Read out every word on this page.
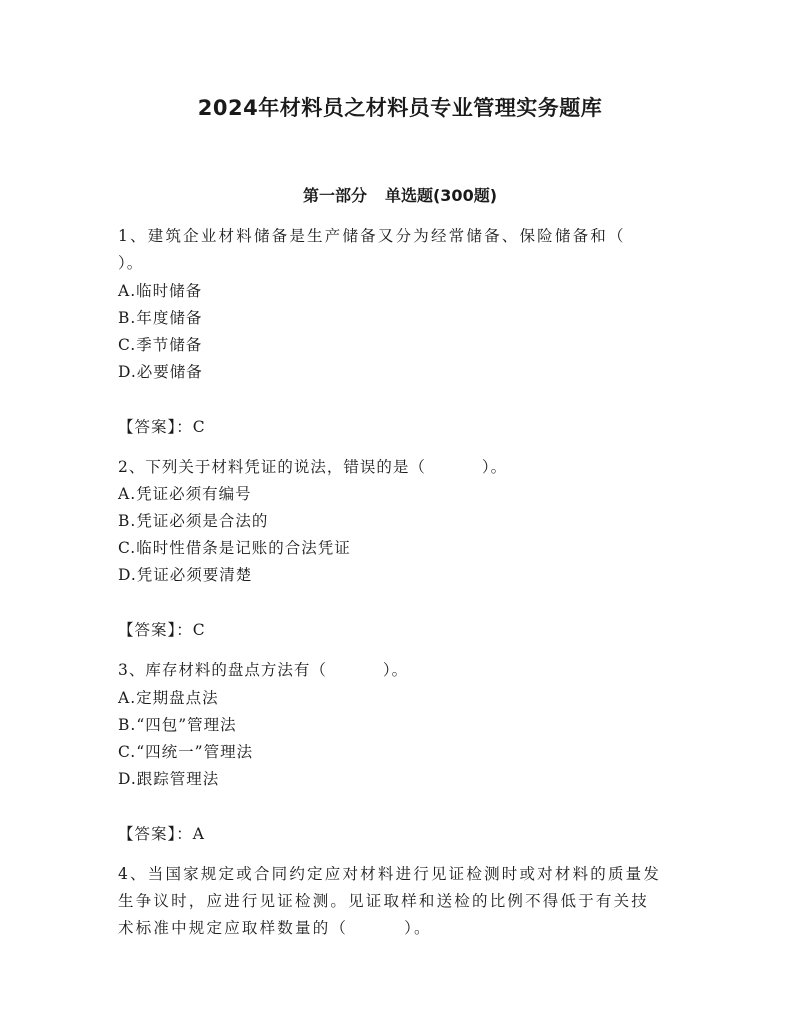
2024年材料员之材料员专业管理实务题库
第一部分 单选题(300题)
1、建筑企业材料储备是生产储备又分为经常储备、保险储备和（
）。
A.临时储备
B.年度储备
C.季节储备
D.必要储备
【答案】：C
2、下列关于材料凭证的说法，错误的是（	）。
A.凭证必须有编号
B.凭证必须是合法的
C.临时性借条是记账的合法凭证
D.凭证必须要清楚
【答案】：C
3、库存材料的盘点方法有（	）。
A.定期盘点法
B.“四包”管理法
C.“四统一”管理法
D.跟踪管理法
【答案】：A
4、当国家规定或合同约定应对材料进行见证检测时或对材料的质量发
生争议时，应进行见证检测。见证取样和送检的比例不得低于有关技
术标准中规定应取样数量的（	）。
